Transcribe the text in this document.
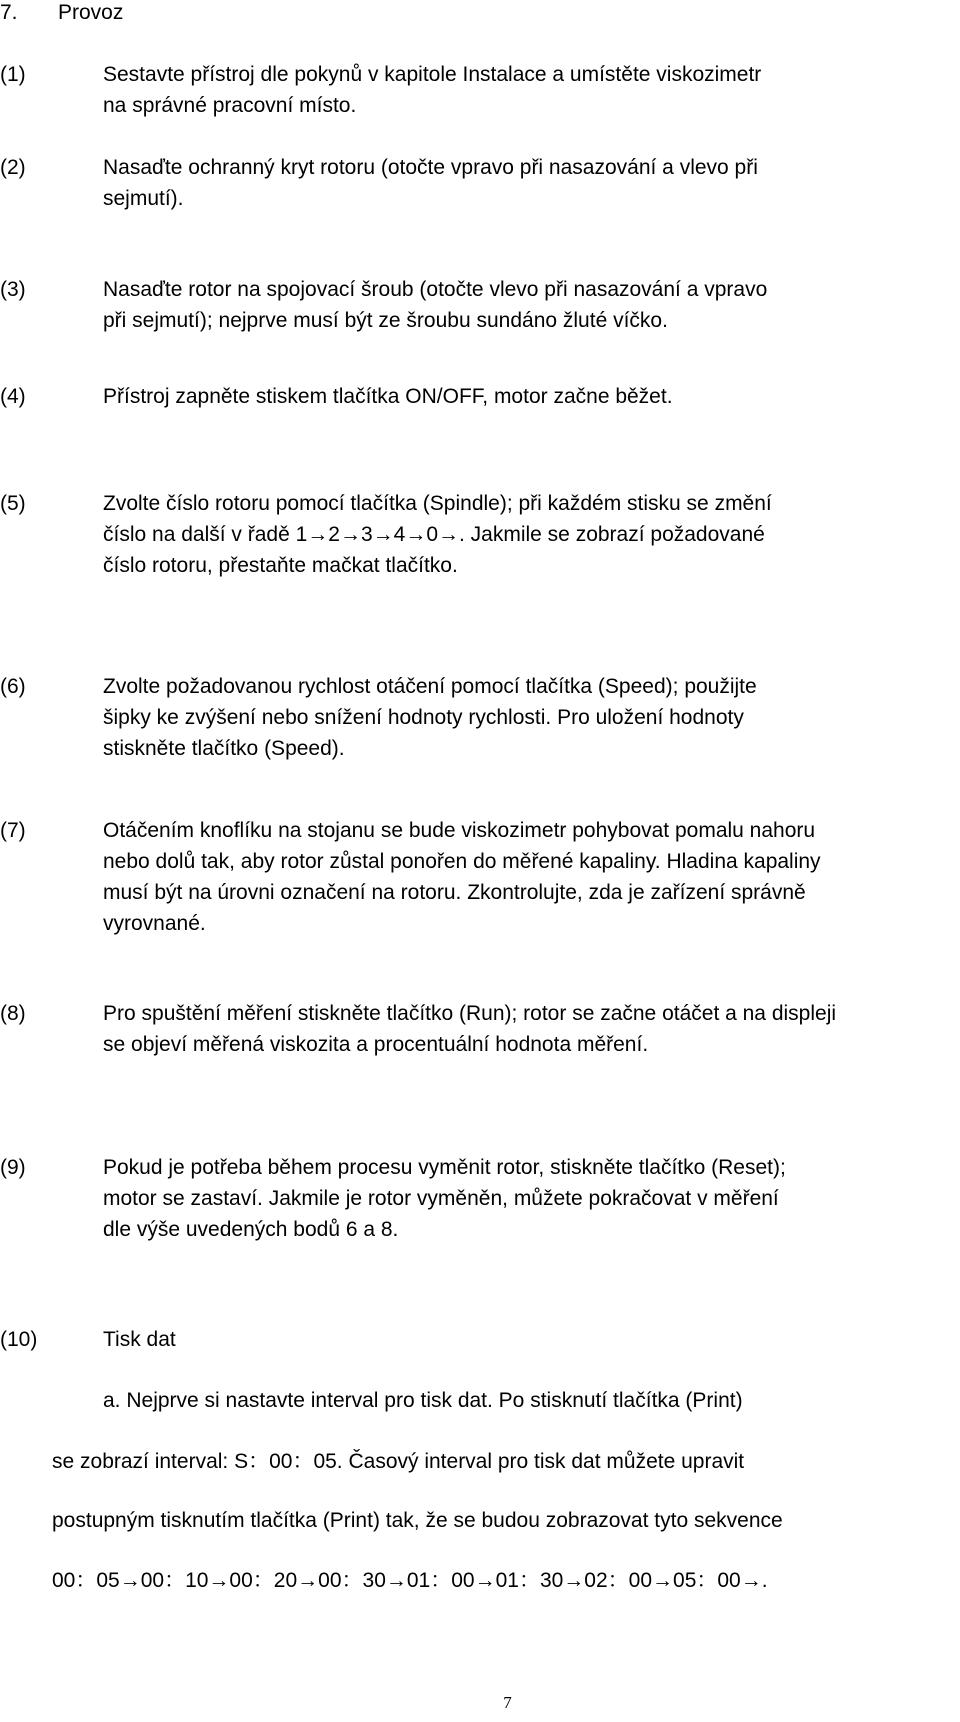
7. Provoz
(1)	Sestavte přístroj dle pokynů v kapitole Instalace a umístěte viskozimetr
na správné pracovní místo.
(2)	Nasaďte ochranný kryt rotoru (otočte vpravo při nasazování a vlevo při
sejmutí).
(3)	Nasaďte rotor na spojovací šroub (otočte vlevo při nasazování a vpravo
při sejmutí); nejprve musí být ze šroubu sundáno žluté víčko.
(4)	Přístroj zapněte stiskem tlačítka ON/OFF, motor začne běžet.
(5)	Zvolte číslo rotoru pomocí tlačítka (Spindle); při každém stisku se změní
číslo na další v řadě 1→2→3→4→0→. Jakmile se zobrazí požadované
číslo rotoru, přestaňte mačkat tlačítko.
(6)	Zvolte požadovanou rychlost otáčení pomocí tlačítka (Speed); použijte
šipky ke zvýšení nebo snížení hodnoty rychlosti. Pro uložení hodnoty
stiskněte tlačítko (Speed).
(7)	Otáčením knoflíku na stojanu se bude viskozimetr pohybovat pomalu nahoru
nebo dolů tak, aby rotor zůstal ponořen do měřené kapaliny. Hladina kapaliny
musí být na úrovni označení na rotoru. Zkontrolujte, zda je zařízení správně
vyrovnané.
(8)	Pro spuštění měření stiskněte tlačítko (Run); rotor se začne otáčet a na displeji
se objeví měřená viskozita a procentuální hodnota měření.
(9)	Pokud je potřeba během procesu vyměnit rotor, stiskněte tlačítko (Reset);
motor se zastaví. Jakmile je rotor vyměněn, můžete pokračovat v měření
dle výše uvedených bodů 6 a 8.
(10)	Tisk dat
a. Nejprve si nastavte interval pro tisk dat. Po stisknutí tlačítka (Print)
se zobrazí interval: S：00：05. Časový interval pro tisk dat můžete upravit
postupným tisknutím tlačítka (Print) tak, že se budou zobrazovat tyto sekvence
00：05→00：10→00：20→00：30→01：00→01：30→02：00→05：00→.
7
